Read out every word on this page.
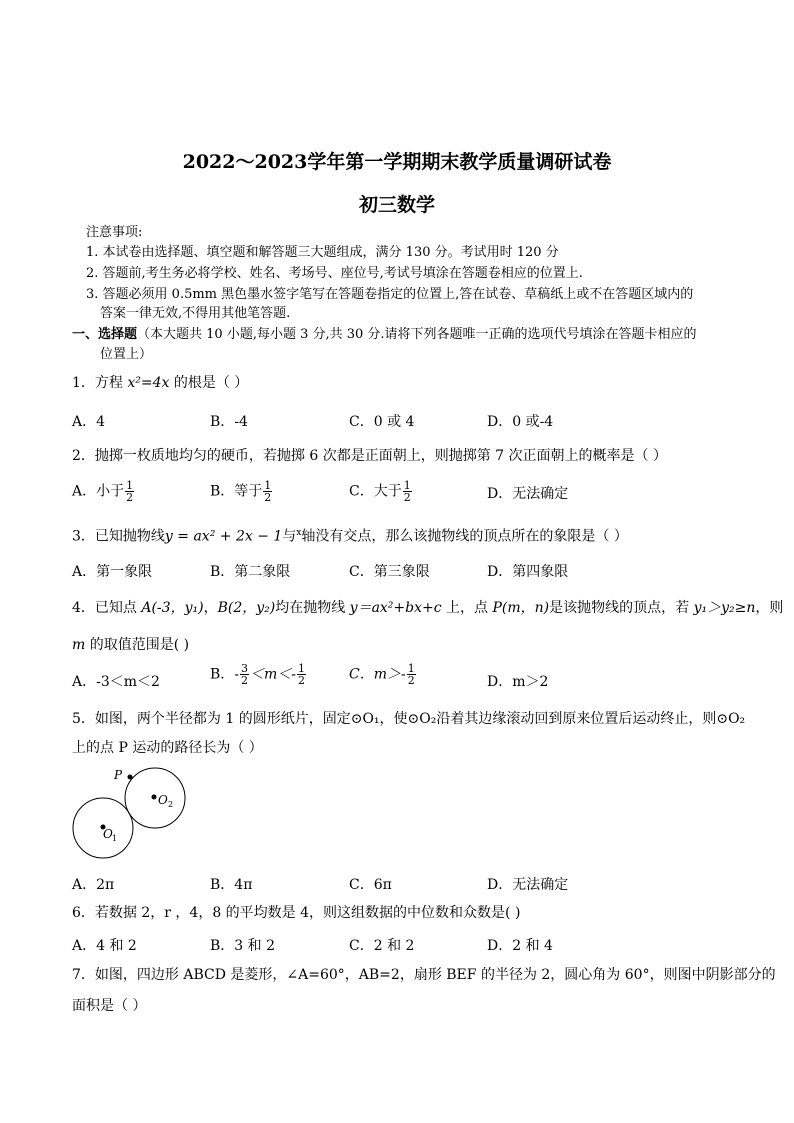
2022～2023学年第一学期期末教学质量调研试卷
初三数学
注意事项:
1. 本试卷由选择题、填空题和解答题三大题组成，满分 130 分。考试用时 120 分
2. 答题前,考生务必将学校、姓名、考场号、座位号,考试号填涂在答题卷相应的位置上.
3. 答题必须用 0.5mm 黑色墨水签字笔写在答题卷指定的位置上,答在试卷、草稿纸上或不在答题区域内的
答案一律无效,不得用其他笔答题.
一、选择题（本大题共 10 小题,每小题 3 分,共 30 分.请将下列各题唯一正确的选项代号填涂在答题卡相应的
位置上）
1．方程 x²=4x 的根是（ ）
A．4	B．-4	C．0 或 4	D．0 或-4
2．抛掷一枚质地均匀的硬币，若抛掷 6 次都是正面朝上，则抛掷第 7 次正面朝上的概率是（ ）
A．小于 $\frac{1}{2}$	B．等于 $\frac{1}{2}$	C．大于 $\frac{1}{2}$	D．无法确定
3．已知抛物线y = ax² + 2x − 1与$^x$轴没有交点，那么该抛物线的顶点所在的象限是（ ）
A．第一象限	B．第二象限	C．第三象限	D．第四象限
4．已知点 A(-3，y₁)，B(2，y₂)均在抛物线 y＝ax²+bx+c 上，点 P(m，n)是该抛物线的顶点，若 y₁＞y₂≥n，则
m 的取值范围是( )
A．-3＜m＜2	B．- $\frac{3}{2} <m<- \frac{1}{2}$	C．$m>- \frac{1}{2}$	D．m＞2
5．如图，两个半径都为 1 的圆形纸片，固定⊙O₁，使⊙O₂沿着其边缘滚动回到原来位置后运动终止，则⊙O₂
上的点 P 运动的路径长为（ ）
P
O 2
O 1
A．2π	B．4π	C．6π	D．无法确定
6．若数据 2，r ，4，8 的平均数是 4，则这组数据的中位数和众数是( )
A．4 和 2	B．3 和 2	C．2 和 2	D．2 和 4
7．如图，四边形 ABCD 是菱形，∠A=60°，AB=2，扇形 BEF 的半径为 2，圆心角为 60°，则图中阴影部分的
面积是（ ）
